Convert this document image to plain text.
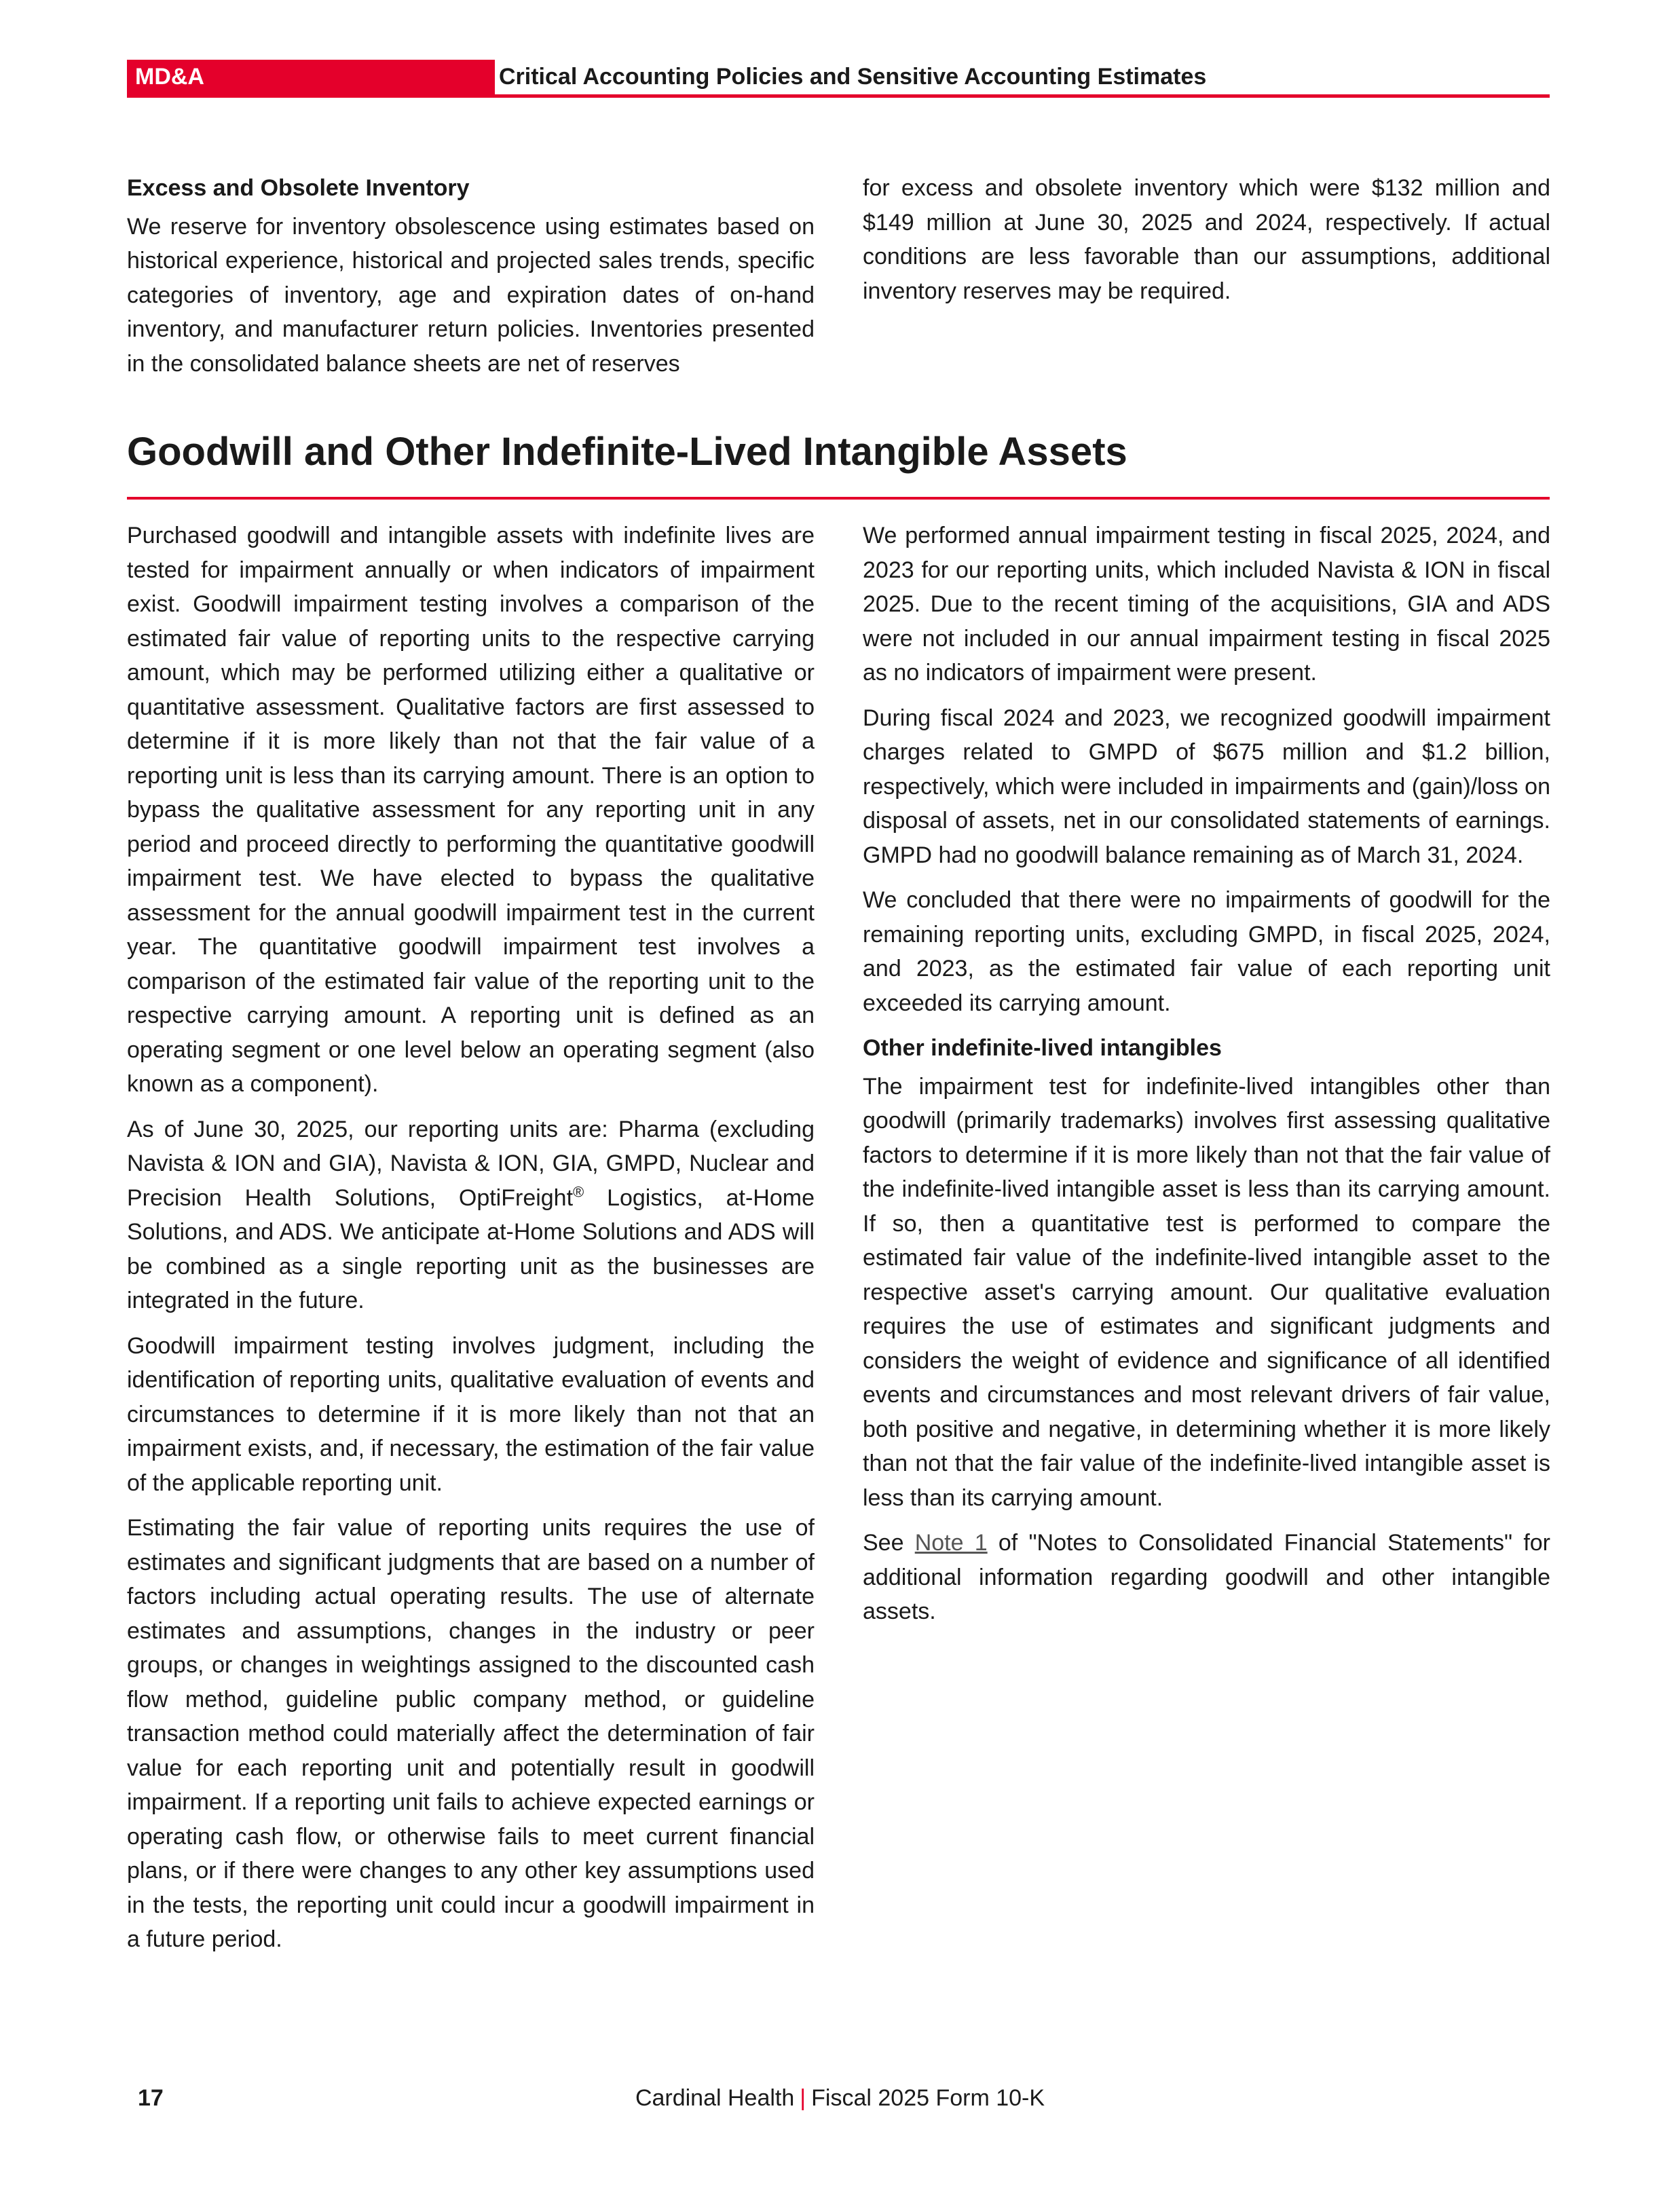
MD&A	Critical Accounting Policies and Sensitive Accounting Estimates
Excess and Obsolete Inventory

We reserve for inventory obsolescence using estimates based on historical experience, historical and projected sales trends, specific categories of inventory, age and expiration dates of on-hand inventory, and manufacturer return policies. Inventories presented in the consolidated balance sheets are net of reserves

for excess and obsolete inventory which were $132 million and $149 million at June 30, 2025 and 2024, respectively. If actual conditions are less favorable than our assumptions, additional inventory reserves may be required.

Goodwill and Other Indefinite-Lived Intangible Assets

Purchased goodwill and intangible assets with indefinite lives are tested for impairment annually or when indicators of impairment exist. Goodwill impairment testing involves a comparison of the estimated fair value of reporting units to the respective carrying amount, which may be performed utilizing either a qualitative or quantitative assessment. Qualitative factors are first assessed to determine if it is more likely than not that the fair value of a reporting unit is less than its carrying amount. There is an option to bypass the qualitative assessment for any reporting unit in any period and proceed directly to performing the quantitative goodwill impairment test. We have elected to bypass the qualitative assessment for the annual goodwill impairment test in the current year. The quantitative goodwill impairment test involves a comparison of the estimated fair value of the reporting unit to the respective carrying amount. A reporting unit is defined as an operating segment or one level below an operating segment (also known as a component).

As of June 30, 2025, our reporting units are: Pharma (excluding Navista & ION and GIA), Navista & ION, GIA, GMPD, Nuclear and Precision Health Solutions, OptiFreight® Logistics, at-Home Solutions, and ADS. We anticipate at-Home Solutions and ADS will be combined as a single reporting unit as the businesses are integrated in the future.

Goodwill impairment testing involves judgment, including the identification of reporting units, qualitative evaluation of events and circumstances to determine if it is more likely than not that an impairment exists, and, if necessary, the estimation of the fair value of the applicable reporting unit.

Estimating the fair value of reporting units requires the use of estimates and significant judgments that are based on a number of factors including actual operating results. The use of alternate estimates and assumptions, changes in the industry or peer groups, or changes in weightings assigned to the discounted cash flow method, guideline public company method, or guideline transaction method could materially affect the determination of fair value for each reporting unit and potentially result in goodwill impairment. If a reporting unit fails to achieve expected earnings or operating cash flow, or otherwise fails to meet current financial plans, or if there were changes to any other key assumptions used in the tests, the reporting unit could incur a goodwill impairment in a future period.

We performed annual impairment testing in fiscal 2025, 2024, and 2023 for our reporting units, which included Navista & ION in fiscal 2025. Due to the recent timing of the acquisitions, GIA and ADS were not included in our annual impairment testing in fiscal 2025 as no indicators of impairment were present.

During fiscal 2024 and 2023, we recognized goodwill impairment charges related to GMPD of $675 million and $1.2 billion, respectively, which were included in impairments and (gain)/loss on disposal of assets, net in our consolidated statements of earnings. GMPD had no goodwill balance remaining as of March 31, 2024.

We concluded that there were no impairments of goodwill for the remaining reporting units, excluding GMPD, in fiscal 2025, 2024, and 2023, as the estimated fair value of each reporting unit exceeded its carrying amount.

Other indefinite-lived intangibles

The impairment test for indefinite-lived intangibles other than goodwill (primarily trademarks) involves first assessing qualitative factors to determine if it is more likely than not that the fair value of the indefinite-lived intangible asset is less than its carrying amount. If so, then a quantitative test is performed to compare the estimated fair value of the indefinite-lived intangible asset to the respective asset's carrying amount. Our qualitative evaluation requires the use of estimates and significant judgments and considers the weight of evidence and significance of all identified events and circumstances and most relevant drivers of fair value, both positive and negative, in determining whether it is more likely than not that the fair value of the indefinite-lived intangible asset is less than its carrying amount.

See Note 1 of "Notes to Consolidated Financial Statements" for additional information regarding goodwill and other intangible assets.

17	Cardinal Health | Fiscal 2025 Form 10-K
